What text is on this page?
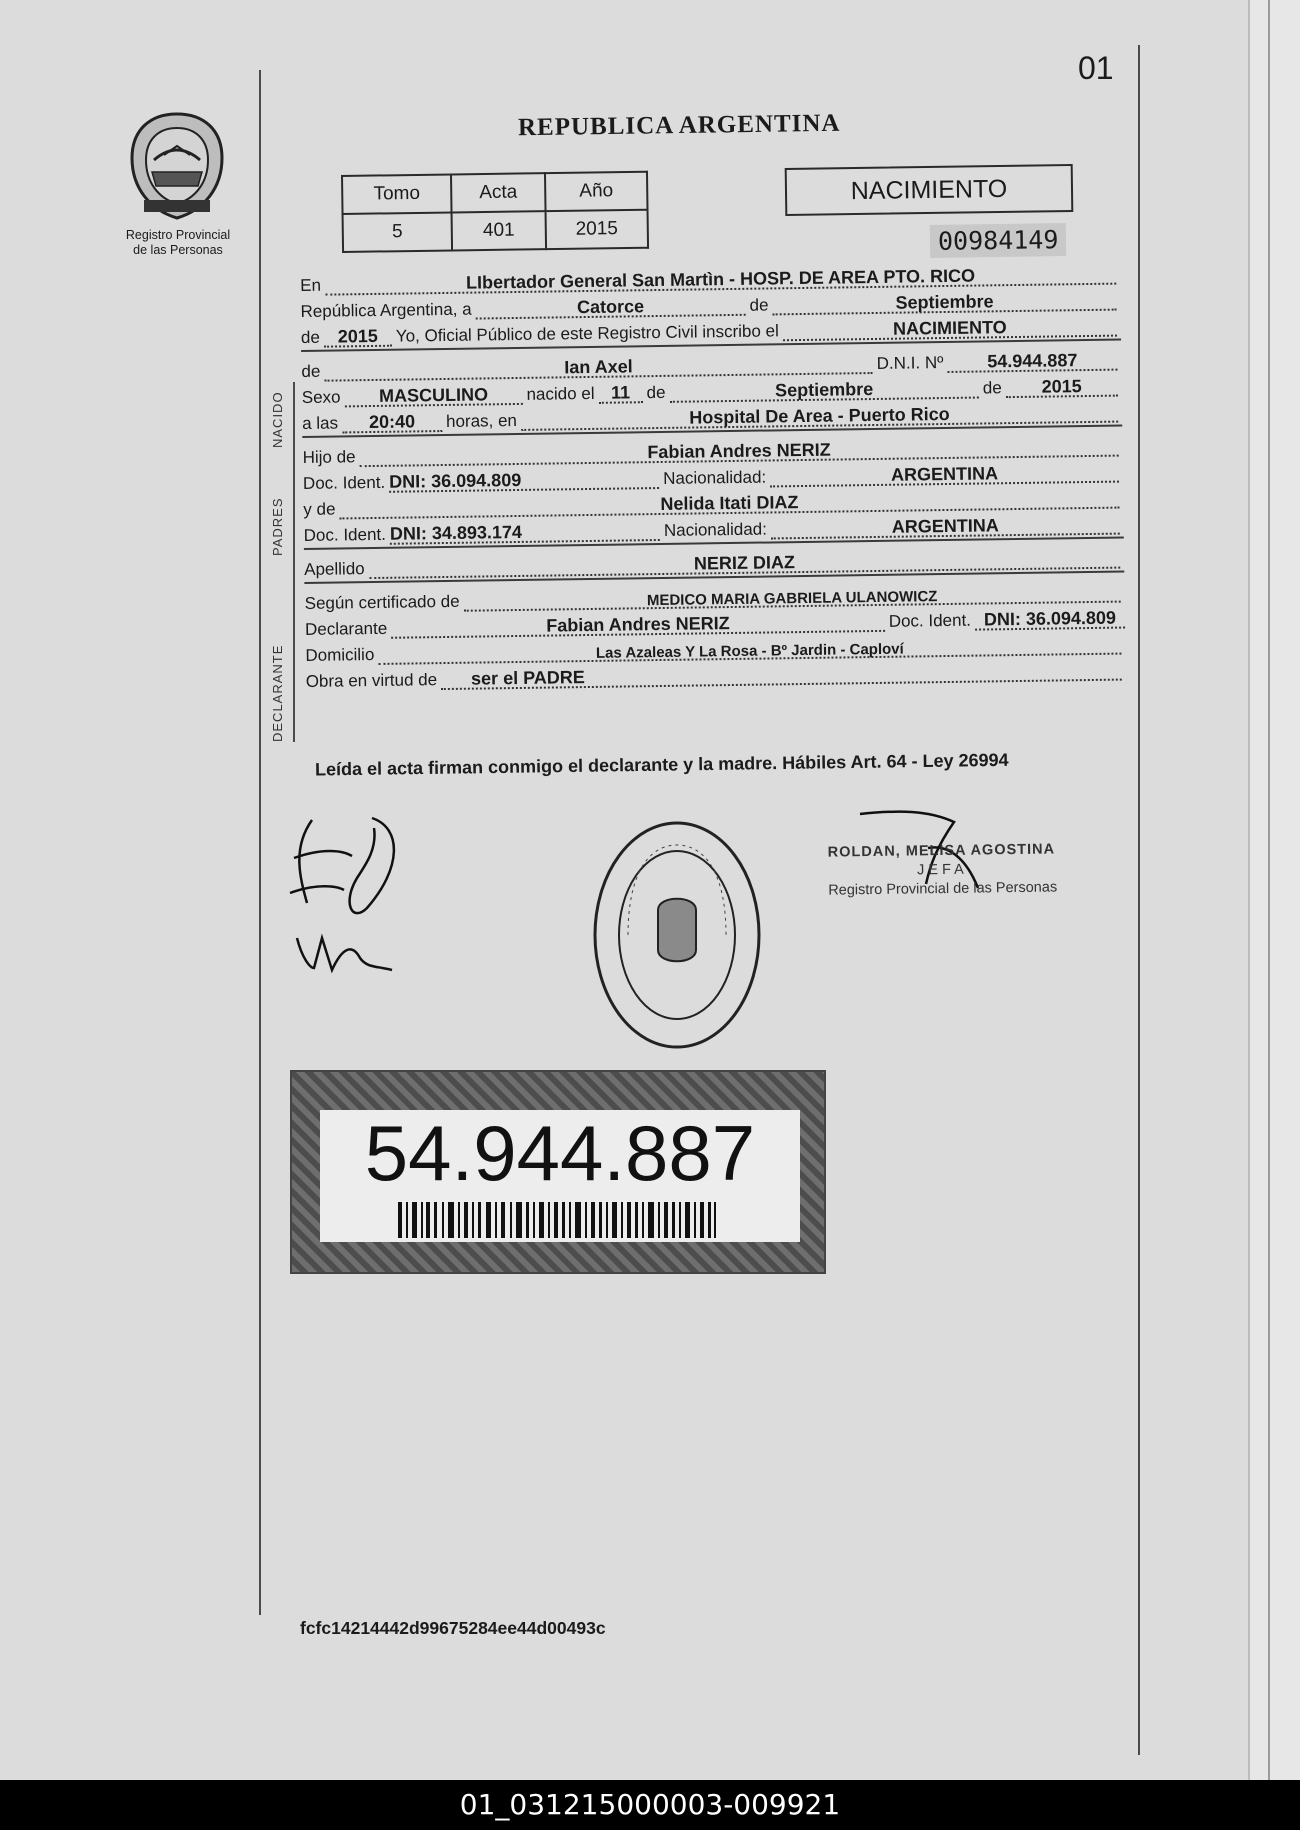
01
Registro Provincial
de las Personas
REPUBLICA ARGENTINA
Tomo	Acta	Año
5	401	2015
NACIMIENTO
00984149
NACIDO
PADRES
DECLARANTE
En	LIbertador General San Martìn - HOSP. DE AREA PTO. RICO
República Argentina, a	Catorce	de	Septiembre
de 2015	Yo, Oficial Público de este Registro Civil inscribo el	NACIMIENTO
de	Ian Axel	D.N.I. Nº	54.944.887
Sexo	MASCULINO	nacido el 11 de	Septiembre	de	2015
a las	20:40	horas, en	Hospital De Area - Puerto Rico
Hijo de	Fabian Andres NERIZ
Doc. Ident. DNI: 36.094.809	Nacionalidad:	ARGENTINA
y de	Nelida Itati DIAZ
Doc. Ident. DNI: 34.893.174	Nacionalidad:	ARGENTINA
Apellido	NERIZ DIAZ
Según certificado de	MEDICO MARIA GABRIELA ULANOWICZ
Declarante	Fabian Andres NERIZ	Doc. Ident. DNI: 36.094.809
Domicilio	Las Azaleas Y La Rosa - Bº Jardin - Caploví
Obra en virtud de	ser el PADRE
Leída el acta firman conmigo el declarante y la madre. Hábiles Art. 64 - Ley 26994
ROLDAN, MELISA AGOSTINA
JEFA
Registro Provincial de las Personas
54.944.887
fcfc14214442d99675284ee44d00493c
01_031215000003-009921
